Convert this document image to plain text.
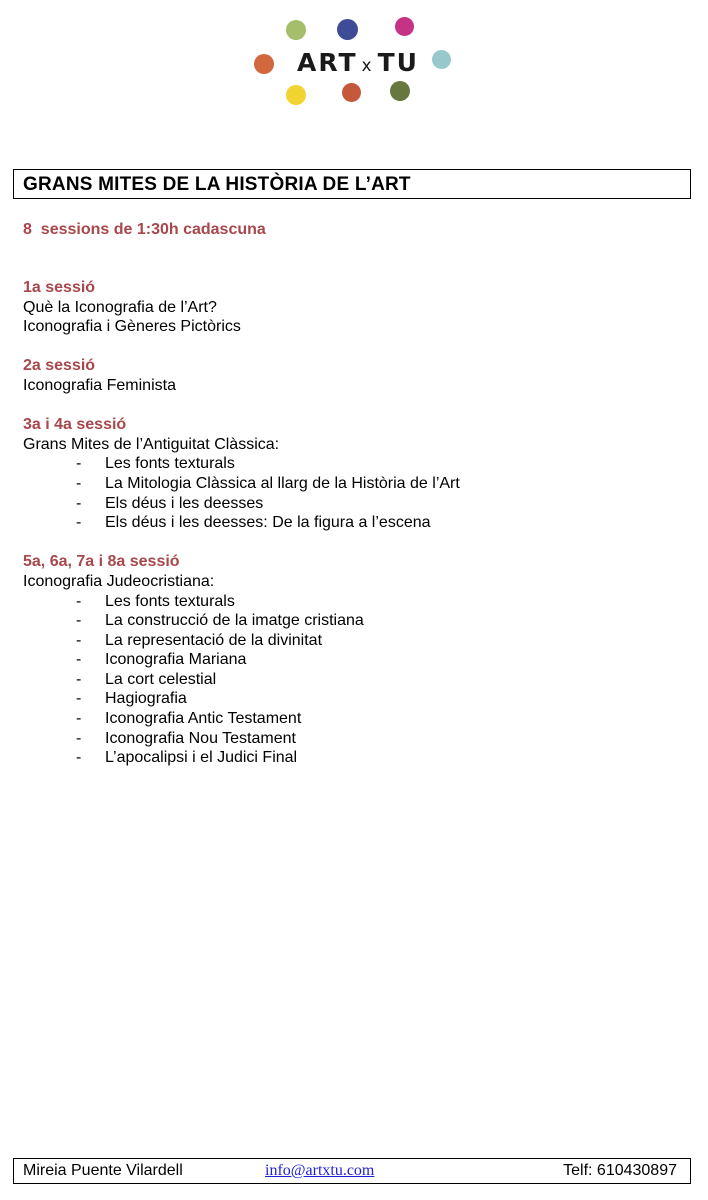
ART x TU
GRANS MITES DE LA HISTÒRIA DE L’ART
8  sessions de 1:30h cadascuna
1a sessió
Què la Iconografia de l’Art?
Iconografia i Gèneres Pictòrics
2a sessió
Iconografia Feminista
3a i 4a sessió
Grans Mites de l’Antiguitat Clàssica:
- Les fonts texturals
- La Mitologia Clàssica al llarg de la Història de l’Art
- Els déus i les deesses
- Els déus i les deesses: De la figura a l’escena
5a, 6a, 7a i 8a sessió
Iconografia Judeocristiana:
- Les fonts texturals
- La construcció de la imatge cristiana
- La representació de la divinitat
- Iconografia Mariana
- La cort celestial
- Hagiografia
- Iconografia Antic Testament
- Iconografia Nou Testament
- L’apocalipsi i el Judici Final
Mireia Puente Vilardell	info@artxtu.com	Telf: 610430897
